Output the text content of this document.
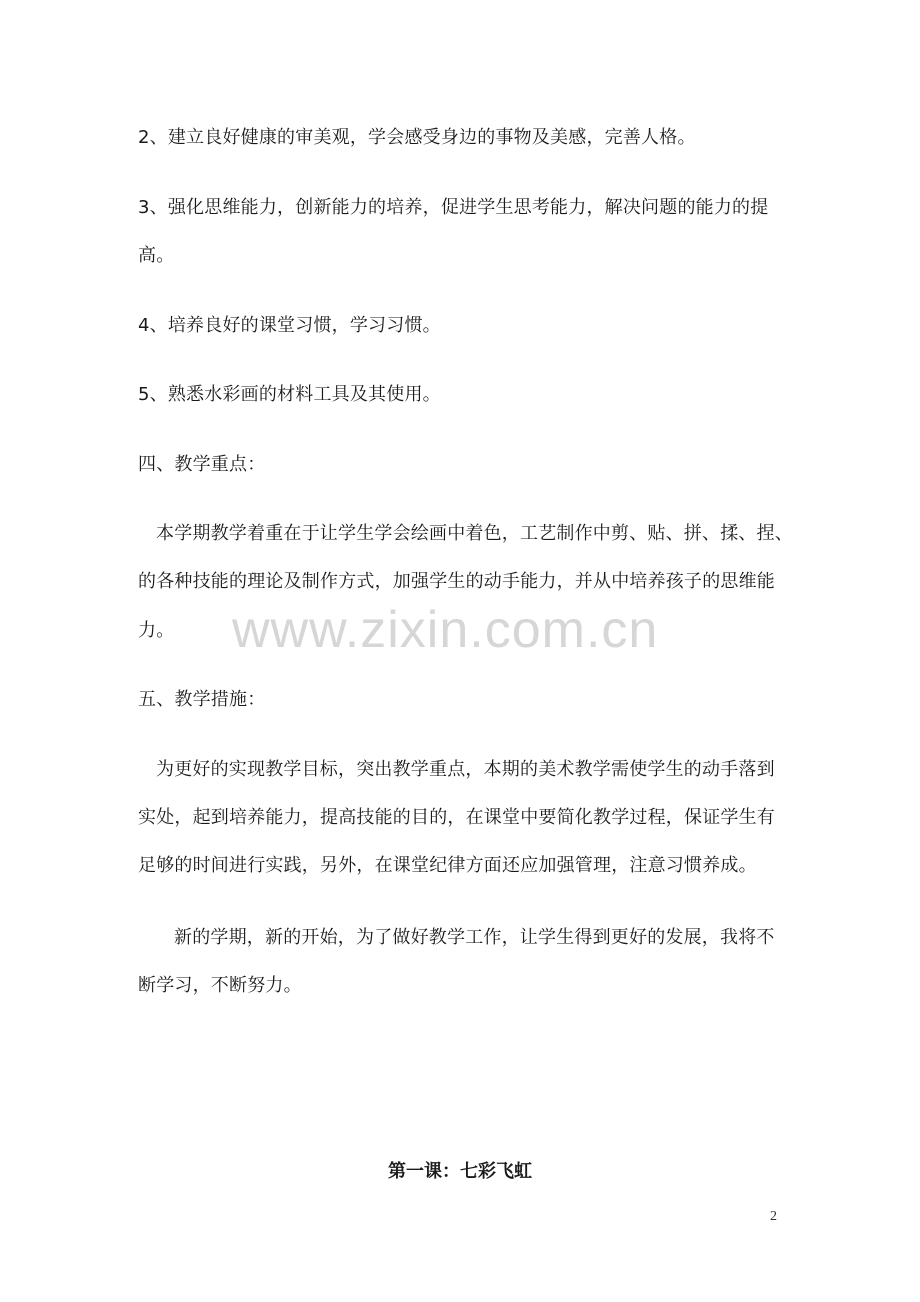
2、建立良好健康的审美观，学会感受身边的事物及美感，完善人格。
3、强化思维能力，创新能力的培养，促进学生思考能力，解决问题的能力的提
高。
4、培养良好的课堂习惯，学习习惯。
5、熟悉水彩画的材料工具及其使用。
四、教学重点：
本学期教学着重在于让学生学会绘画中着色，工艺制作中剪、贴、拼、揉、捏、
的各种技能的理论及制作方式，加强学生的动手能力，并从中培养孩子的思维能
力。
五、教学措施：
为更好的实现教学目标，突出教学重点，本期的美术教学需使学生的动手落到
实处，起到培养能力，提高技能的目的，在课堂中要简化教学过程，保证学生有
足够的时间进行实践，另外，在课堂纪律方面还应加强管理，注意习惯养成。
新的学期，新的开始，为了做好教学工作，让学生得到更好的发展，我将不
断学习，不断努力。
www.zixin.com.cn
第一课：七彩飞虹
2
